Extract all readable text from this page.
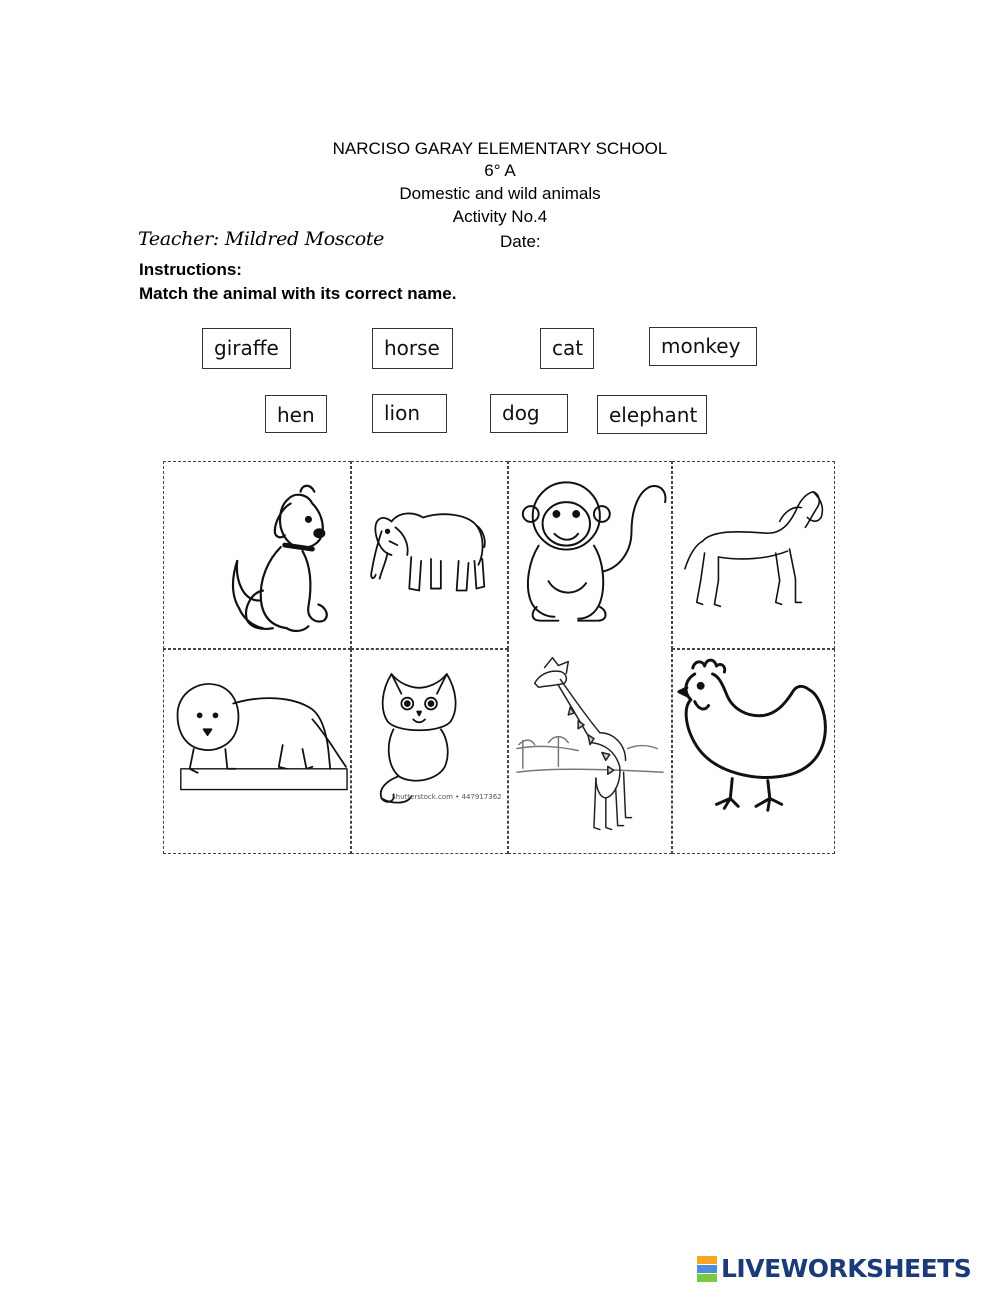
NARCISO GARAY ELEMENTARY SCHOOL
6° A
Domestic and wild animals
Activity No.4
Teacher: Mildred Moscote	Date:
Instructions:
Match the animal with its correct name.
giraffe	horse	cat	monkey
hen	lion	dog	elephant
shutterstock.com • 447917362
LIVEWORKSHEETS
